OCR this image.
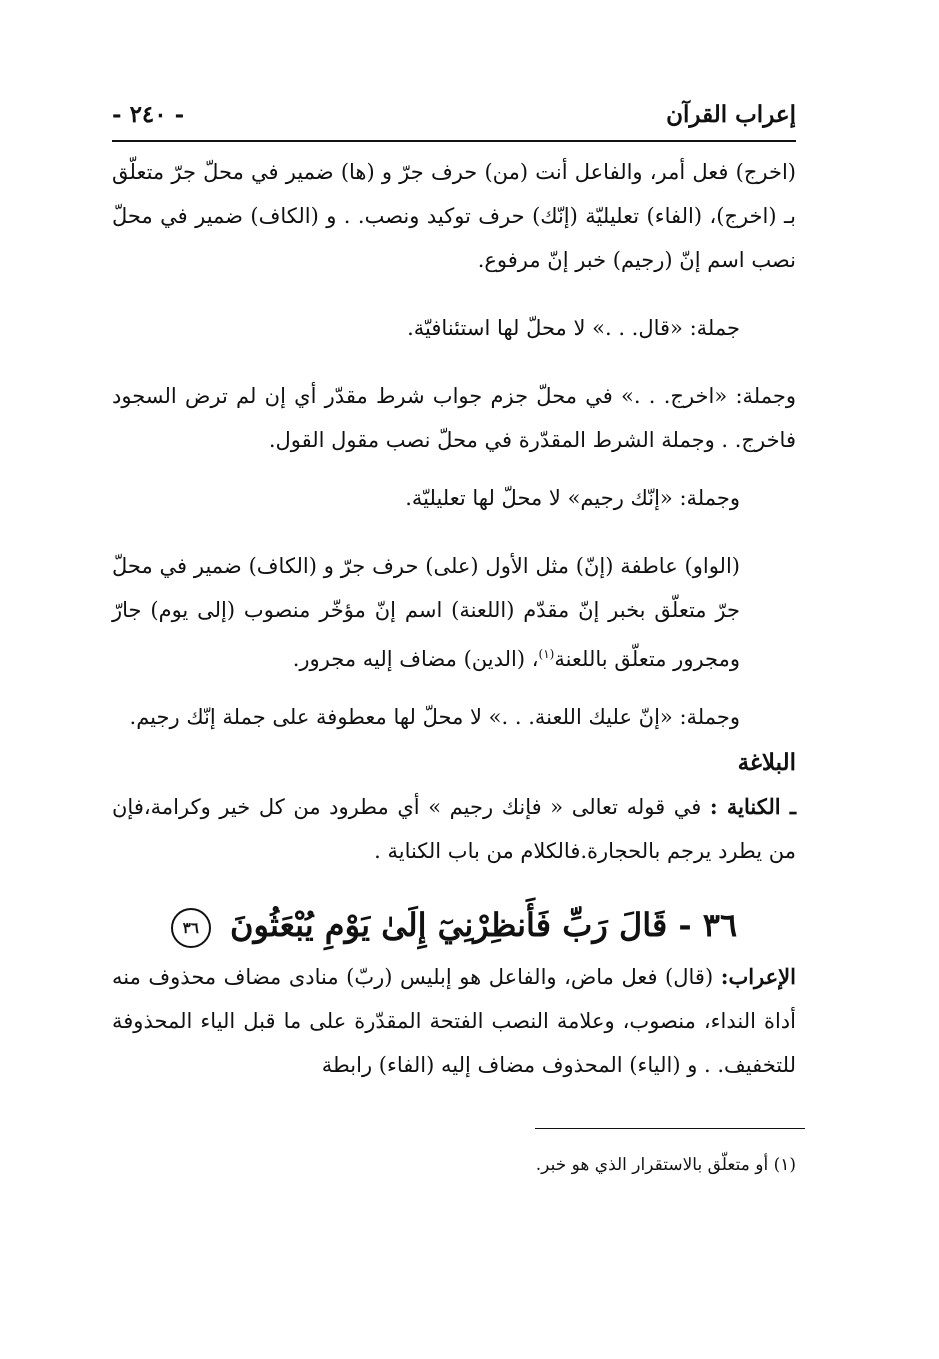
إعراب القرآن
- ٢٤٠ -

(اخرج) فعل أمر، والفاعل أنت (من) حرف جرّ و (ها) ضمير في محلّ جرّ متعلّق بـ (اخرج)، (الفاء) تعليليّة (إنّك) حرف توكيد ونصب. . و (الكاف) ضمير في محلّ نصب اسم إنّ (رجيم) خبر إنّ مرفوع.

جملة: «قال. . .» لا محلّ لها استئنافيّة.

وجملة: «اخرج. . .» في محلّ جزم جواب شرط مقدّر أي إن لم ترض السجود فاخرج. . وجملة الشرط المقدّرة في محلّ نصب مقول القول.

وجملة: «إنّك رجيم» لا محلّ لها تعليليّة.

(الواو) عاطفة (إنّ) مثل الأول (على) حرف جرّ و (الكاف) ضمير في محلّ جرّ متعلّق بخبر إنّ مقدّم (اللعنة) اسم إنّ مؤخّر منصوب (إلى يوم) جارّ ومجرور متعلّق باللعنة$^{(١)}$، (الدين) مضاف إليه مجرور.

وجملة: «إنّ عليك اللعنة. . .» لا محلّ لها معطوفة على جملة إنّك رجيم.

البلاغة

ـ الكناية : في قوله تعالى « فإنك رجيم » أي مطرود من كل خير وكرامة،فإن من يطرد يرجم بالحجارة.فالكلام من باب الكناية .

٣٦ - قَالَ رَبِّ فَأَنظِرْنِيٓ إِلَىٰ يَوْمِ يُبْعَثُونَ ٣٦

الإعراب: (قال) فعل ماض، والفاعل هو إبليس (ربّ) منادى مضاف محذوف منه أداة النداء، منصوب، وعلامة النصب الفتحة المقدّرة على ما قبل الياء المحذوفة للتخفيف. . و (الياء) المحذوف مضاف إليه (الفاء) رابطة

(١) أو متعلّق بالاستقرار الذي هو خبر.
